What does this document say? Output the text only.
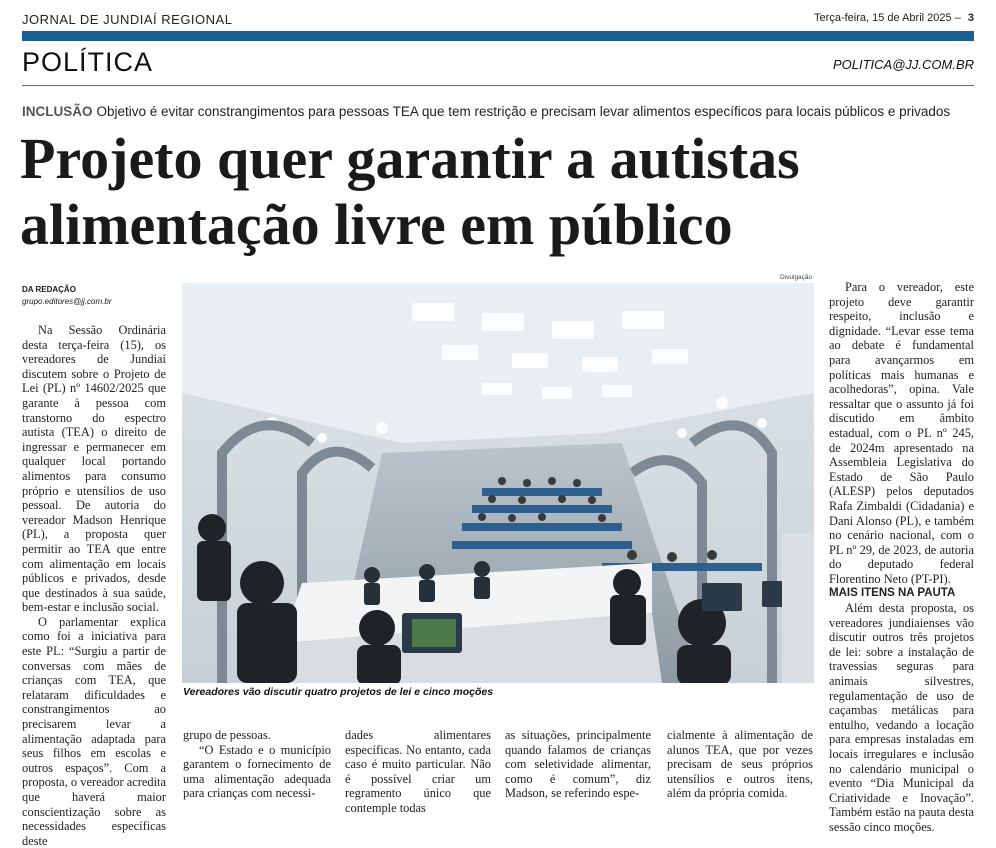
JORNAL DE JUNDIAÍ REGIONAL	Terça-feira, 15 de Abril 2025 – 3
POLÍTICA	POLITICA@JJ.COM.BR
INCLUSÃO Objetivo é evitar constrangimentos para pessoas TEA que tem restrição e precisam levar alimentos específicos para locais públicos e privados
Projeto quer garantir a autistas
alimentação livre em público
DA REDAÇÃO
grupo.editores@jj.com.br

Na Sessão Ordinária desta terça-feira (15), os vereadores de Jundiaí discutem sobre o Projeto de Lei (PL) nº 14602/2025 que garante à pessoa com transtorno do espectro autista (TEA) o direito de ingressar e permanecer em qualquer local portando alimentos para consumo próprio e utensílios de uso pessoal. De autoria do vereador Madson Henrique (PL), a proposta quer permitir ao TEA que entre com alimentação em locais públicos e privados, desde que destinados à sua saúde, bem-estar e inclusão social.

O parlamentar explica como foi a iniciativa para este PL: “Surgiu a partir de conversas com mães de crianças com TEA, que relataram dificuldades e constrangimentos ao precisarem levar a alimentação adaptada para seus filhos em escolas e outros espaços”. Com a proposta, o vereador acredita que haverá maior conscientização sobre as necessidades específicas deste

Divulgação
Vereadores vão discutir quatro projetos de lei e cinco moções
grupo de pessoas.

“O Estado e o município garantem o fornecimento de uma alimentação adequada para crianças com necessi-

dades alimentares específicas. No entanto, cada caso é muito particular. Não é possível criar um regramento único que contemple todas
as situações, principalmente quando falamos de crianças com seletividade alimentar, como é comum”, diz Madson, se referindo espe-
cialmente à alimentação de alunos TEA, que por vezes precisam de seus próprios utensílios e outros itens, além da própria comida.

Para o vereador, este projeto deve garantir respeito, inclusão e dignidade. “Levar esse tema ao debate é fundamental para avançarmos em políticas mais humanas e acolhedoras”, opina. Vale ressaltar que o assunto já foi discutido em âmbito estadual, com o PL nº 245, de 2024m apresentado na Assembleia Legislativa do Estado de São Paulo (ALESP) pelos deputados Rafa Zimbaldi (Cidadania) e Dani Alonso (PL), e também no cenário nacional, com o PL nº 29, de 2023, de autoria do deputado federal Florentino Neto (PT-PI).

MAIS ITENS NA PAUTA

Além desta proposta, os vereadores jundiaienses vão discutir outros três projetos de lei: sobre a instalação de travessias seguras para animais silvestres, regulamentação de uso de caçambas metálicas para entulho, vedando a locação para empresas instaladas em locais irregulares e inclusão no calendário municipal o evento “Dia Municipal da Criatividade e Inovação”. Também estão na pauta desta sessão cinco moções.
